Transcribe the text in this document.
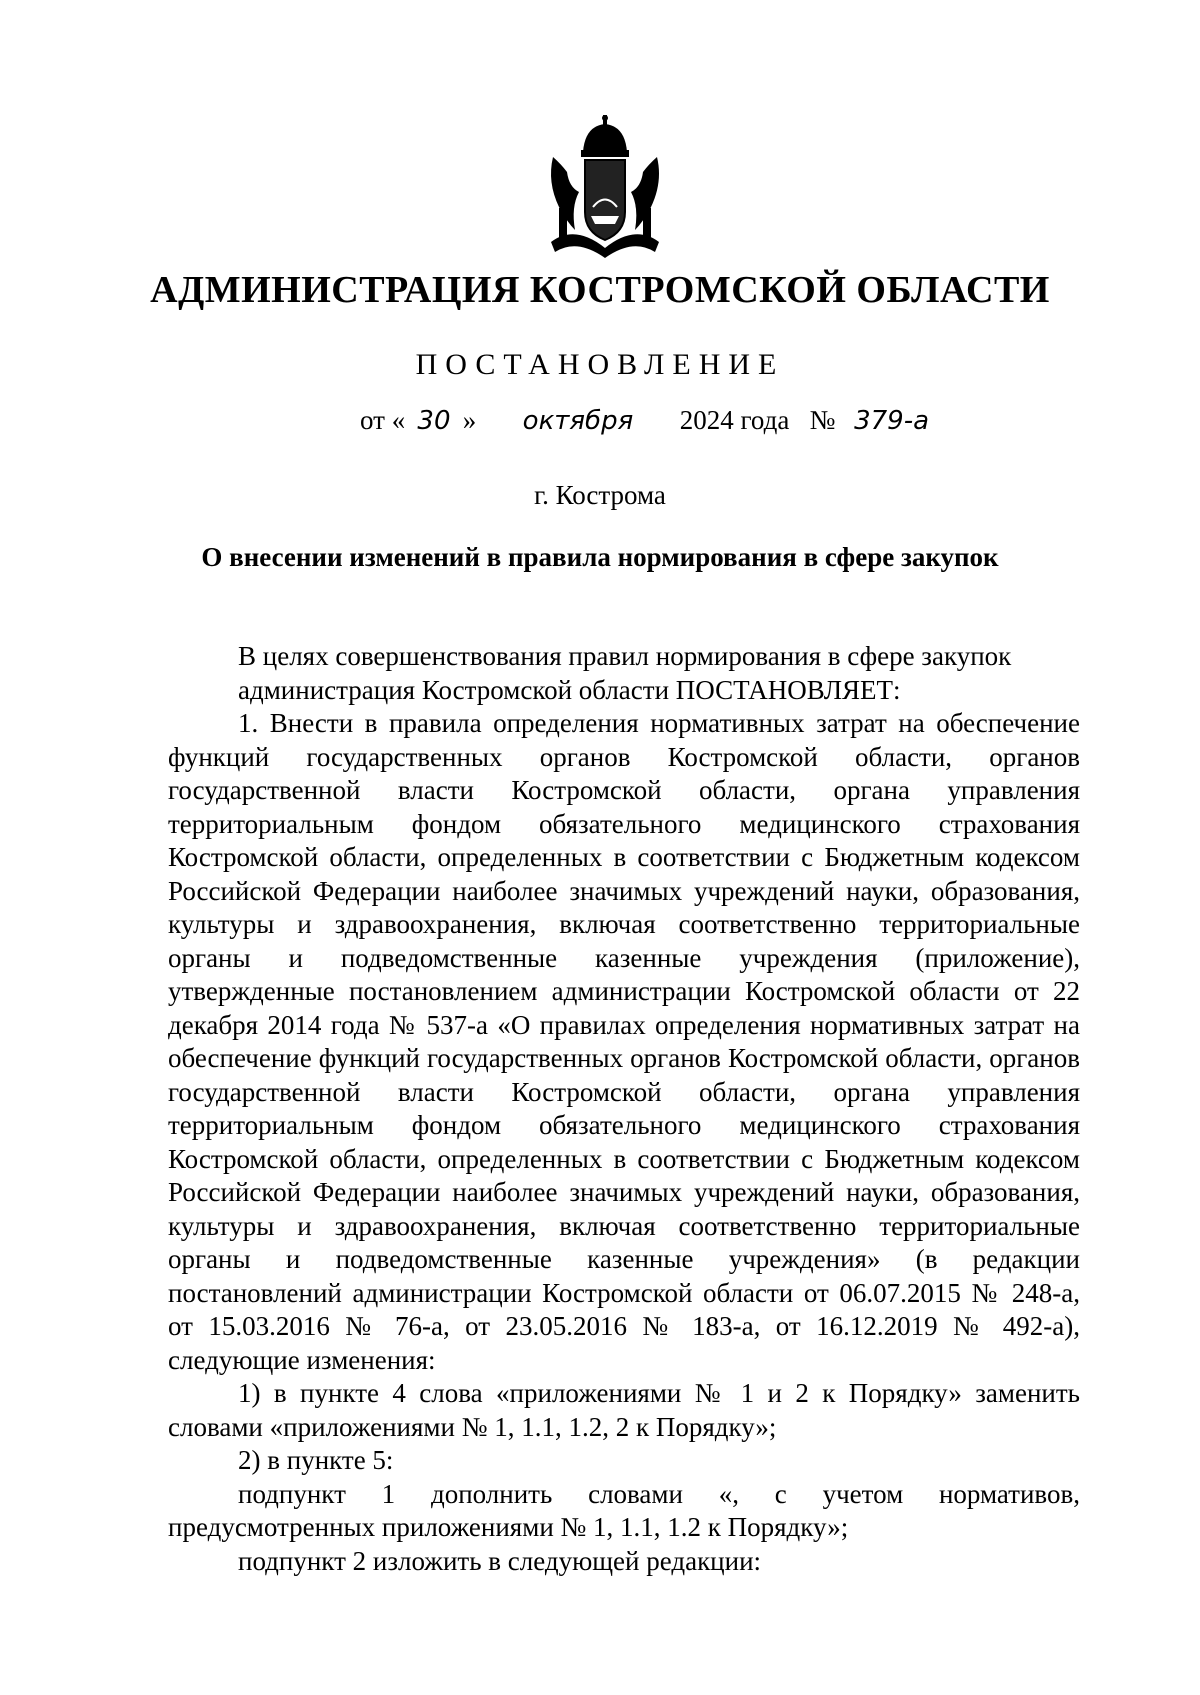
АДМИНИСТРАЦИЯ КОСТРОМСКОЙ ОБЛАСТИ
ПОСТАНОВЛЕНИЕ
от « 30 » октября 2024 года № 379-а
г. Кострома
О внесении изменений в правила нормирования в сфере закупок

В целях совершенствования правил нормирования в сфере закупок администрация Костромской области ПОСТАНОВЛЯЕТ:

1. Внести в правила определения нормативных затрат на обеспечение функций государственных органов Костромской области, органов государственной власти Костромской области, органа управления территориальным фондом обязательного медицинского страхования Костромской области, определенных в соответствии с Бюджетным кодексом Российской Федерации наиболее значимых учреждений науки, образования, культуры и здравоохранения, включая соответственно территориальные органы и подведомственные казенные учреждения (приложение), утвержденные постановлением администрации Костромской области от 22 декабря 2014 года № 537-а «О правилах определения нормативных затрат на обеспечение функций государственных органов Костромской области, органов государственной власти Костромской области, органа управления территориальным фондом обязательного медицинского страхования Костромской области, определенных в соответствии с Бюджетным кодексом Российской Федерации наиболее значимых учреждений науки, образования, культуры и здравоохранения, включая соответственно территориальные органы и подведомственные казенные учреждения» (в редакции постановлений администрации Костромской области от 06.07.2015 № 248-а, от 15.03.2016 № 76-а, от 23.05.2016 № 183-а, от 16.12.2019 № 492-а), следующие изменения:

1) в пункте 4 слова «приложениями № 1 и 2 к Порядку» заменить словами «приложениями № 1, 1.1, 1.2, 2 к Порядку»;

2) в пункте 5:

подпункт 1 дополнить словами «, с учетом нормативов, предусмотренных приложениями № 1, 1.1, 1.2 к Порядку»;

подпункт 2 изложить в следующей редакции:
